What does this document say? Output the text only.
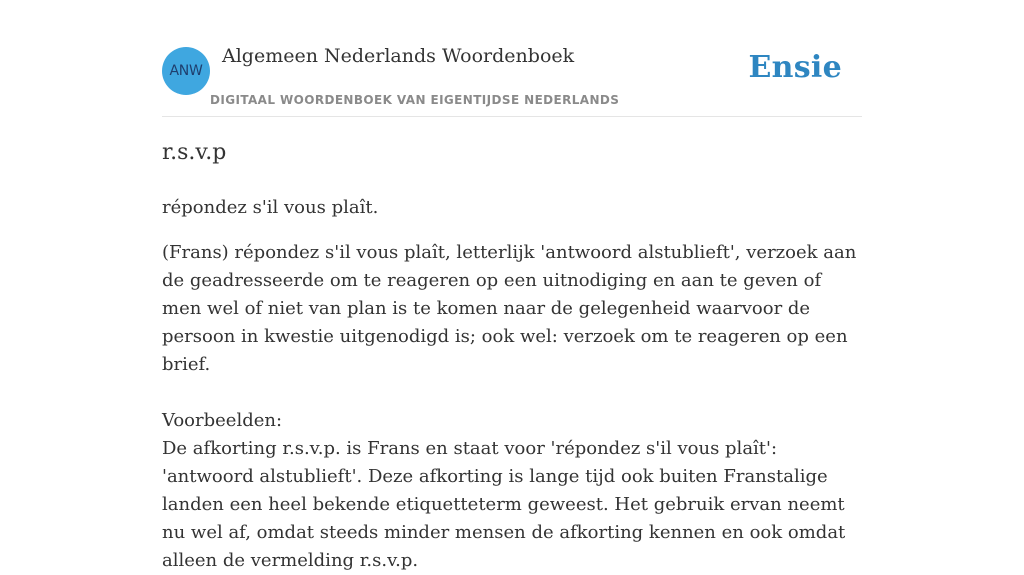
ANW
Algemeen Nederlands Woordenboek
DIGITAAL WOORDENBOEK VAN EIGENTIJDSE NEDERLANDS
Ensie
r.s.v.p
répondez s'il vous plaît.

(Frans) répondez s'il vous plaît, letterlijk 'antwoord alstublieft', verzoek aan de geadresseerde om te reageren op een uitnodiging en aan te geven of men wel of niet van plan is te komen naar de gelegenheid waarvoor de persoon in kwestie uitgenodigd is; ook wel: verzoek om te reageren op een brief.

Voorbeelden:

De afkorting r.s.v.p. is Frans en staat voor 'répondez s'il vous plaît': 'antwoord alstublieft'. Deze afkorting is lange tijd ook buiten Franstalige landen een heel bekende etiquetteterm geweest. Het gebruik ervan neemt nu wel af, omdat steeds minder mensen de afkorting kennen en ook omdat alleen de vermelding r.s.v.p.
